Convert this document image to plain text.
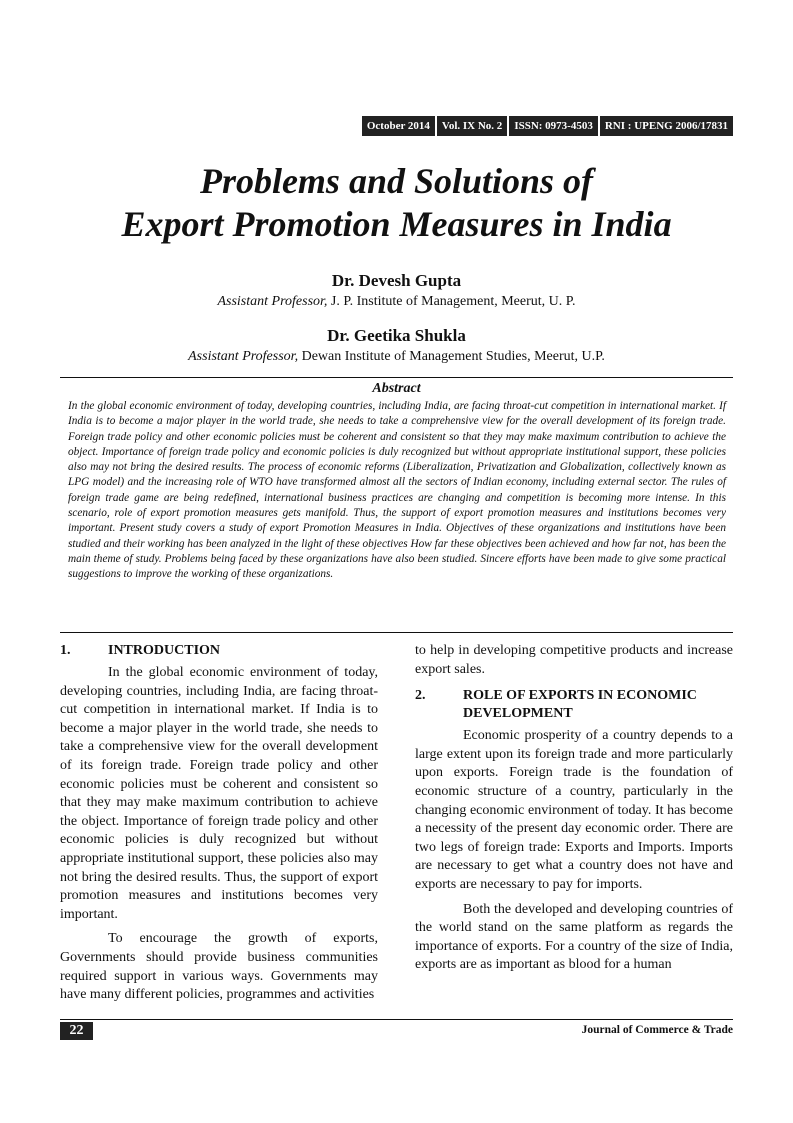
October 2014	Vol. IX No. 2	ISSN: 0973-4503	RNI : UPENG 2006/17831
Problems and Solutions of
Export Promotion Measures in India
Dr. Devesh Gupta
Assistant Professor, J. P. Institute of Management, Meerut, U. P.
Dr. Geetika Shukla
Assistant Professor, Dewan Institute of Management Studies, Meerut, U.P.
Abstract
In the global economic environment of today, developing countries, including India, are facing throat-cut competition in international market. If India is to become a major player in the world trade, she needs to take a comprehensive view for the overall development of its foreign trade. Foreign trade policy and other economic policies must be coherent and consistent so that they may make maximum contribution to achieve the object. Importance of foreign trade policy and economic policies is duly recognized but without appropriate institutional support, these policies also may not bring the desired results. The process of economic reforms (Liberalization, Privatization and Globalization, collectively known as LPG model) and the increasing role of WTO have transformed almost all the sectors of Indian economy, including external sector. The rules of foreign trade game are being redefined, international business practices are changing and competition is becoming more intense. In this scenario, role of export promotion measures gets manifold. Thus, the support of export promotion measures and institutions becomes very important. Present study covers a study of export Promotion Measures in India. Objectives of these organizations and institutions have been studied and their working has been analyzed in the light of these objectives How far these objectives been achieved and how far not, has been the main theme of study. Problems being faced by these organizations have also been studied. Sincere efforts have been made to give some practical suggestions to improve the working of these organizations.
1.	INTRODUCTION

In the global economic environment of today, developing countries, including India, are facing throat-cut competition in international market. If India is to become a major player in the world trade, she needs to take a comprehensive view for the overall development of its foreign trade. Foreign trade policy and other economic policies must be coherent and consistent so that they may make maximum contribution to achieve the object. Importance of foreign trade policy and other economic policies is duly recognized but without appropriate institutional support, these policies also may not bring the desired results. Thus, the support of export promotion measures and institutions becomes very important.

To encourage the growth of exports, Governments should provide business communities required support in various ways. Governments may have many different policies, programmes and activities

to help in developing competitive products and increase export sales.

2.	ROLE OF EXPORTS IN ECONOMIC DEVELOPMENT

Economic prosperity of a country depends to a large extent upon its foreign trade and more particularly upon exports. Foreign trade is the foundation of economic structure of a country, particularly in the changing economic environment of today. It has become a necessity of the present day economic order. There are two legs of foreign trade: Exports and Imports. Imports are necessary to get what a country does not have and exports are necessary to pay for imports.

Both the developed and developing countries of the world stand on the same platform as regards the importance of exports. For a country of the size of India, exports are as important as blood for a human

22	Journal of Commerce & Trade
